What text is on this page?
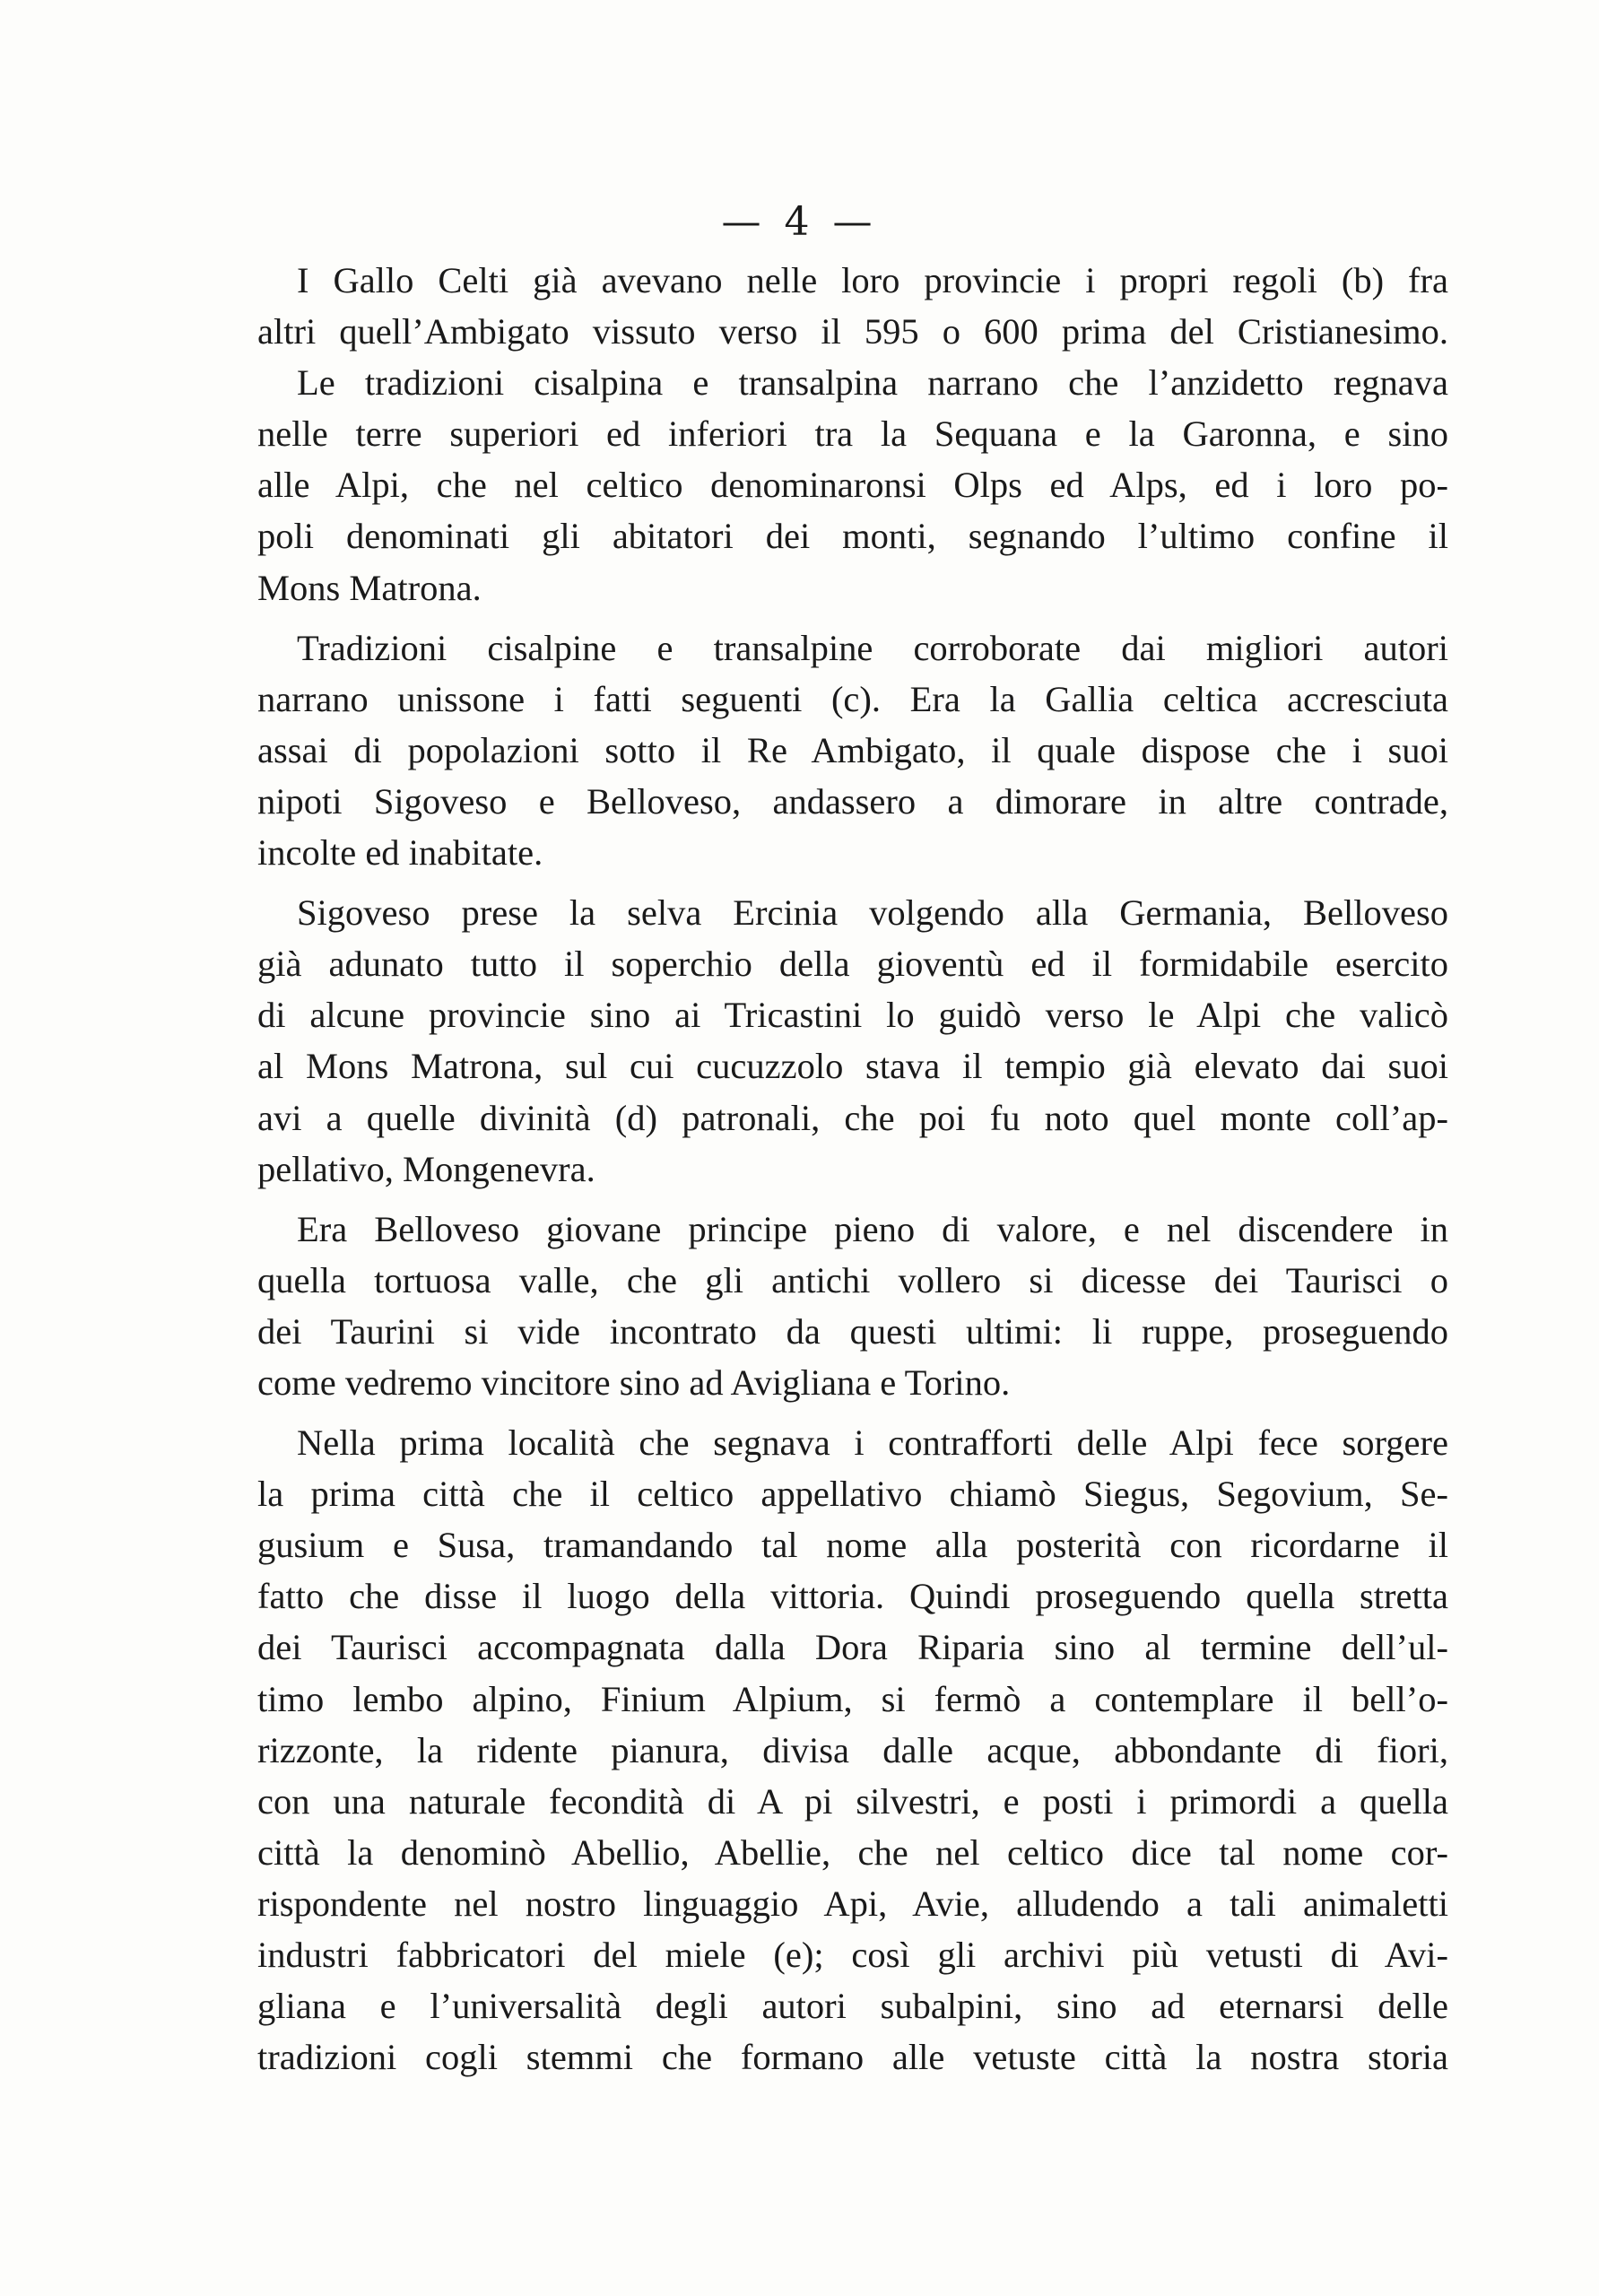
— 4 —
I Gallo Celti già avevano nelle loro provincie i propri regoli (b) fra
altri quell’Ambigato vissuto verso il 595 o 600 prima del Cristianesimo.
Le tradizioni cisalpina e transalpina narrano che l’anzidetto regnava
nelle terre superiori ed inferiori tra la Sequana e la Garonna, e sino
alle Alpi, che nel celtico denominaronsi Olps ed Alps, ed i loro po-
poli denominati gli abitatori dei monti, segnando l’ultimo confine il
Mons Matrona.
Tradizioni cisalpine e transalpine corroborate dai migliori autori
narrano unissone i fatti seguenti (c). Era la Gallia celtica accresciuta
assai di popolazioni sotto il Re Ambigato, il quale dispose che i suoi
nipoti Sigoveso e Belloveso, andassero a dimorare in altre contrade,
incolte ed inabitate.
Sigoveso prese la selva Ercinia volgendo alla Germania, Belloveso
già adunato tutto il soperchio della gioventù ed il formidabile esercito
di alcune provincie sino ai Tricastini lo guidò verso le Alpi che valicò
al Mons Matrona, sul cui cucuzzolo stava il tempio già elevato dai suoi
avi a quelle divinità (d) patronali, che poi fu noto quel monte coll’ap-
pellativo, Mongenevra.
Era Belloveso giovane principe pieno di valore, e nel discendere in
quella tortuosa valle, che gli antichi vollero si dicesse dei Taurisci o
dei Taurini si vide incontrato da questi ultimi: li ruppe, proseguendo
come vedremo vincitore sino ad Avigliana e Torino.
Nella prima località che segnava i contrafforti delle Alpi fece sorgere
la prima città che il celtico appellativo chiamò Siegus, Segovium, Se-
gusium e Susa, tramandando tal nome alla posterità con ricordarne il
fatto che disse il luogo della vittoria. Quindi proseguendo quella stretta
dei Taurisci accompagnata dalla Dora Riparia sino al termine dell’ul-
timo lembo alpino, Finium Alpium, si fermò a contemplare il bell’o-
rizzonte, la ridente pianura, divisa dalle acque, abbondante di fiori,
con una naturale fecondità di A pi silvestri, e posti i primordi a quella
città la denominò Abellio, Abellie, che nel celtico dice tal nome cor-
rispondente nel nostro linguaggio Api, Avie, alludendo a tali animaletti
industri fabbricatori del miele (e); così gli archivi più vetusti di Avi-
gliana e l’universalità degli autori subalpini, sino ad eternarsi delle
tradizioni cogli stemmi che formano alle vetuste città la nostra storia
